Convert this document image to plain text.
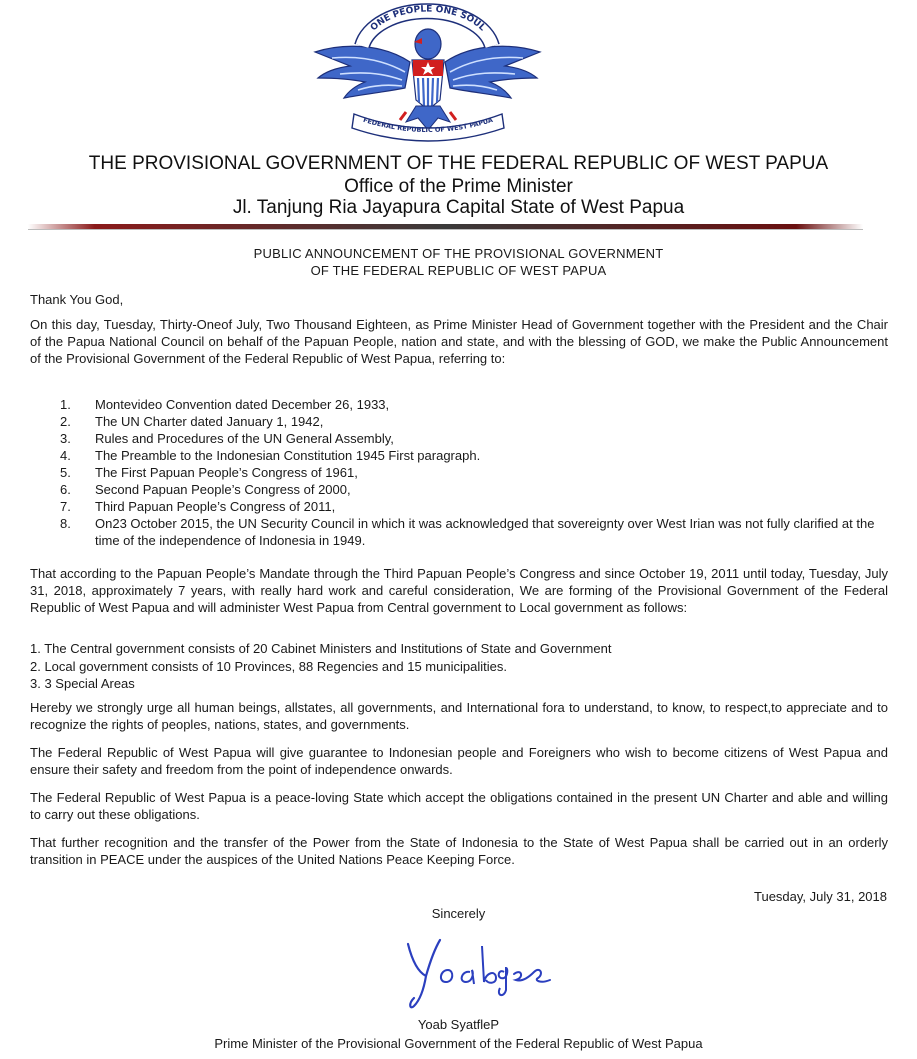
ONE PEOPLE ONE SOUL
FEDERAL REPUBLIC OF WEST PAPUA
THE PROVISIONAL GOVERNMENT OF THE FEDERAL REPUBLIC OF WEST PAPUA
Office of the Prime Minister
Jl. Tanjung Ria Jayapura Capital State of West Papua
PUBLIC ANNOUNCEMENT OF THE PROVISIONAL GOVERNMENT
OF THE FEDERAL REPUBLIC OF WEST PAPUA
Thank You God,
On this day, Tuesday, Thirty-Oneof July, Two Thousand Eighteen, as Prime Minister Head of Government together with the President and the Chair of the Papua National Council on behalf of the Papuan People, nation and state, and with the blessing of GOD, we make the Public Announcement of the Provisional Government of the Federal Republic of West Papua, referring to:
1.	Montevideo Convention dated December 26, 1933,
2.	The UN Charter dated January 1, 1942,
3.	Rules and Procedures of the UN General Assembly,
4.	The Preamble to the Indonesian Constitution 1945 First paragraph.
5.	The First Papuan People’s Congress of 1961,
6.	Second Papuan People’s Congress of 2000,
7.	Third Papuan People’s Congress of 2011,
8.	On23 October 2015, the UN Security Council in which it was acknowledged that sovereignty over West Irian was not fully clarified at the time of the independence of Indonesia in 1949.
That according to the Papuan People’s Mandate through the Third Papuan People’s Congress and since October 19, 2011 until today, Tuesday, July 31, 2018, approximately 7 years, with really hard work and careful consideration, We are forming of the Provisional Government of the Federal Republic of West Papua and will administer West Papua from Central government to Local government as follows:
1. The Central government consists of 20 Cabinet Ministers and Institutions of State and Government
2. Local government consists of 10 Provinces, 88 Regencies and 15 municipalities.
3. 3 Special Areas
Hereby we strongly urge all human beings, allstates, all governments, and International fora to understand, to know, to respect,to appreciate and to recognize the rights of peoples, nations, states, and governments.
The Federal Republic of West Papua will give guarantee to Indonesian people and Foreigners who wish to become citizens of West Papua and ensure their safety and freedom from the point of independence onwards.
The Federal Republic of West Papua is a peace-loving State which accept the obligations contained in the present UN Charter and able and willing to carry out these obligations.
That further recognition and the transfer of the Power from the State of Indonesia to the State of West Papua shall be carried out in an orderly transition in PEACE under the auspices of the United Nations Peace Keeping Force.
Tuesday, July 31, 2018
Sincerely
Yoab SyatfleP
Prime Minister of the Provisional Government of the Federal Republic of West Papua
